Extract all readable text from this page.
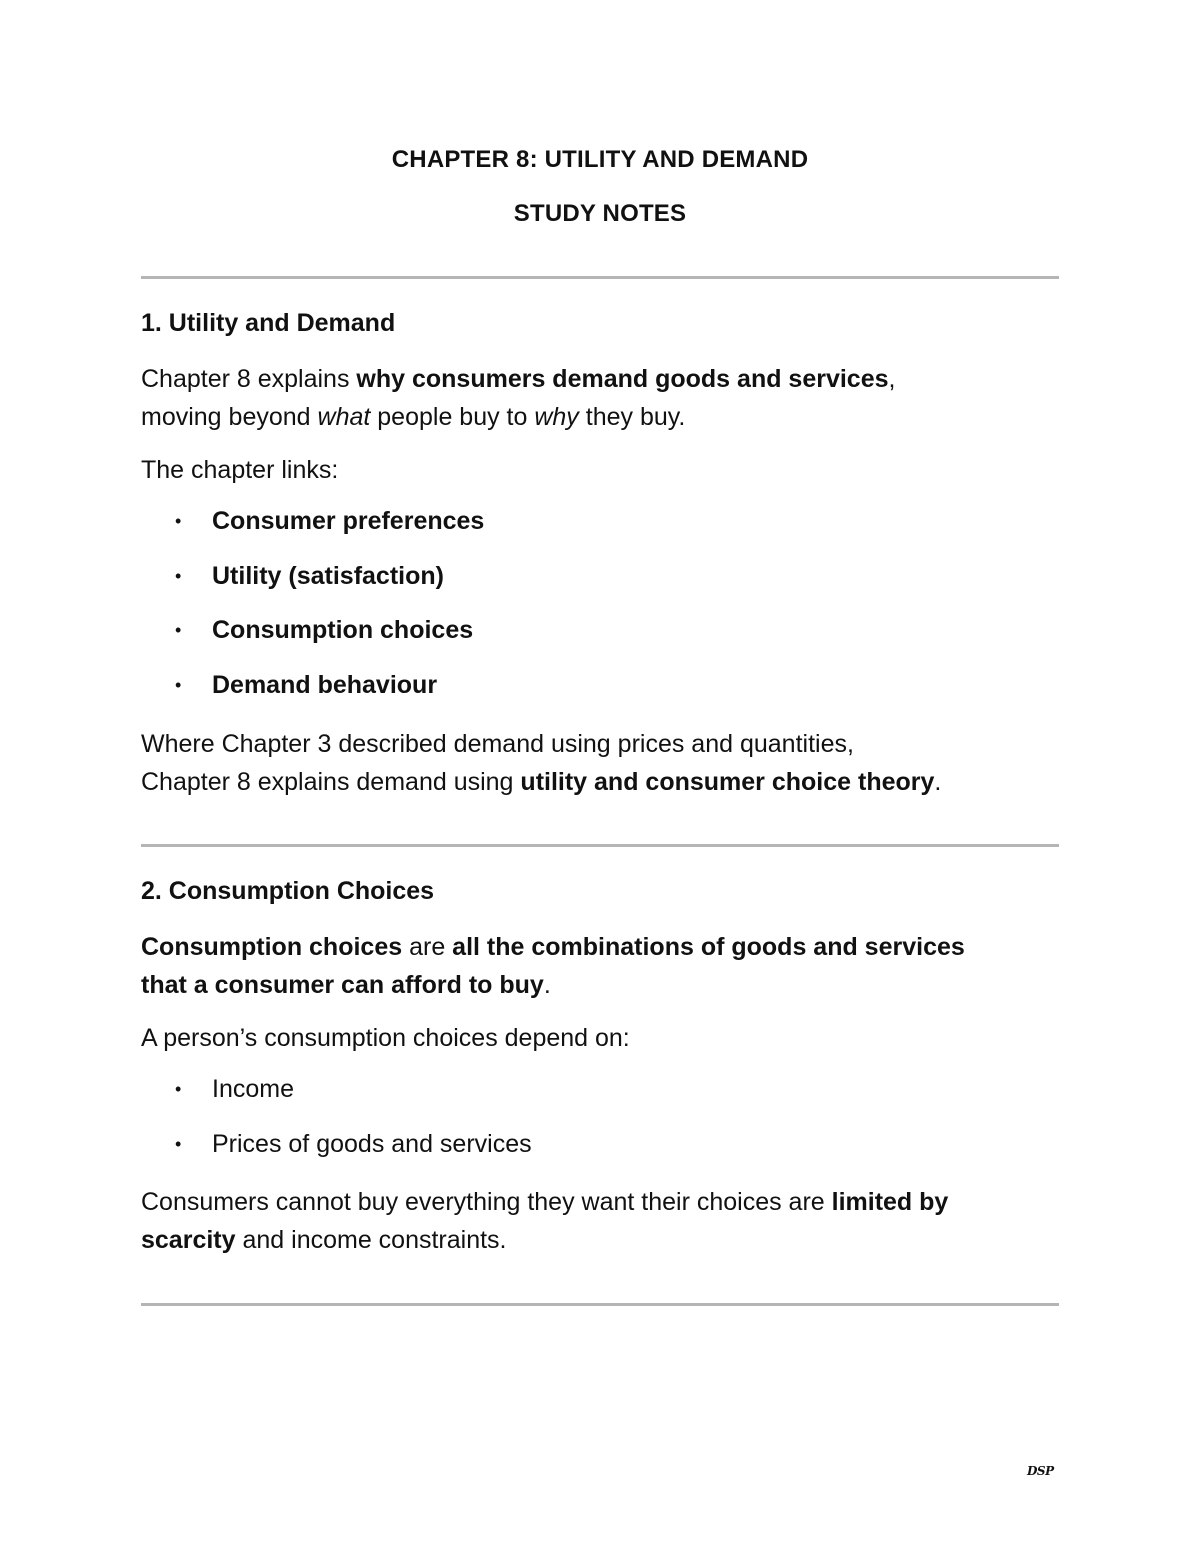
CHAPTER 8: UTILITY AND DEMAND
STUDY NOTES
1. Utility and Demand

Chapter 8 explains why consumers demand goods and services,
moving beyond what people buy to why they buy.

The chapter links:

• Consumer preferences
• Utility (satisfaction)
• Consumption choices
• Demand behaviour

Where Chapter 3 described demand using prices and quantities,
Chapter 8 explains demand using utility and consumer choice theory.

2. Consumption Choices

Consumption choices are all the combinations of goods and services
that a consumer can afford to buy.

A person’s consumption choices depend on:

• Income
• Prices of goods and services

Consumers cannot buy everything they want their choices are limited by
scarcity and income constraints.

DSP
